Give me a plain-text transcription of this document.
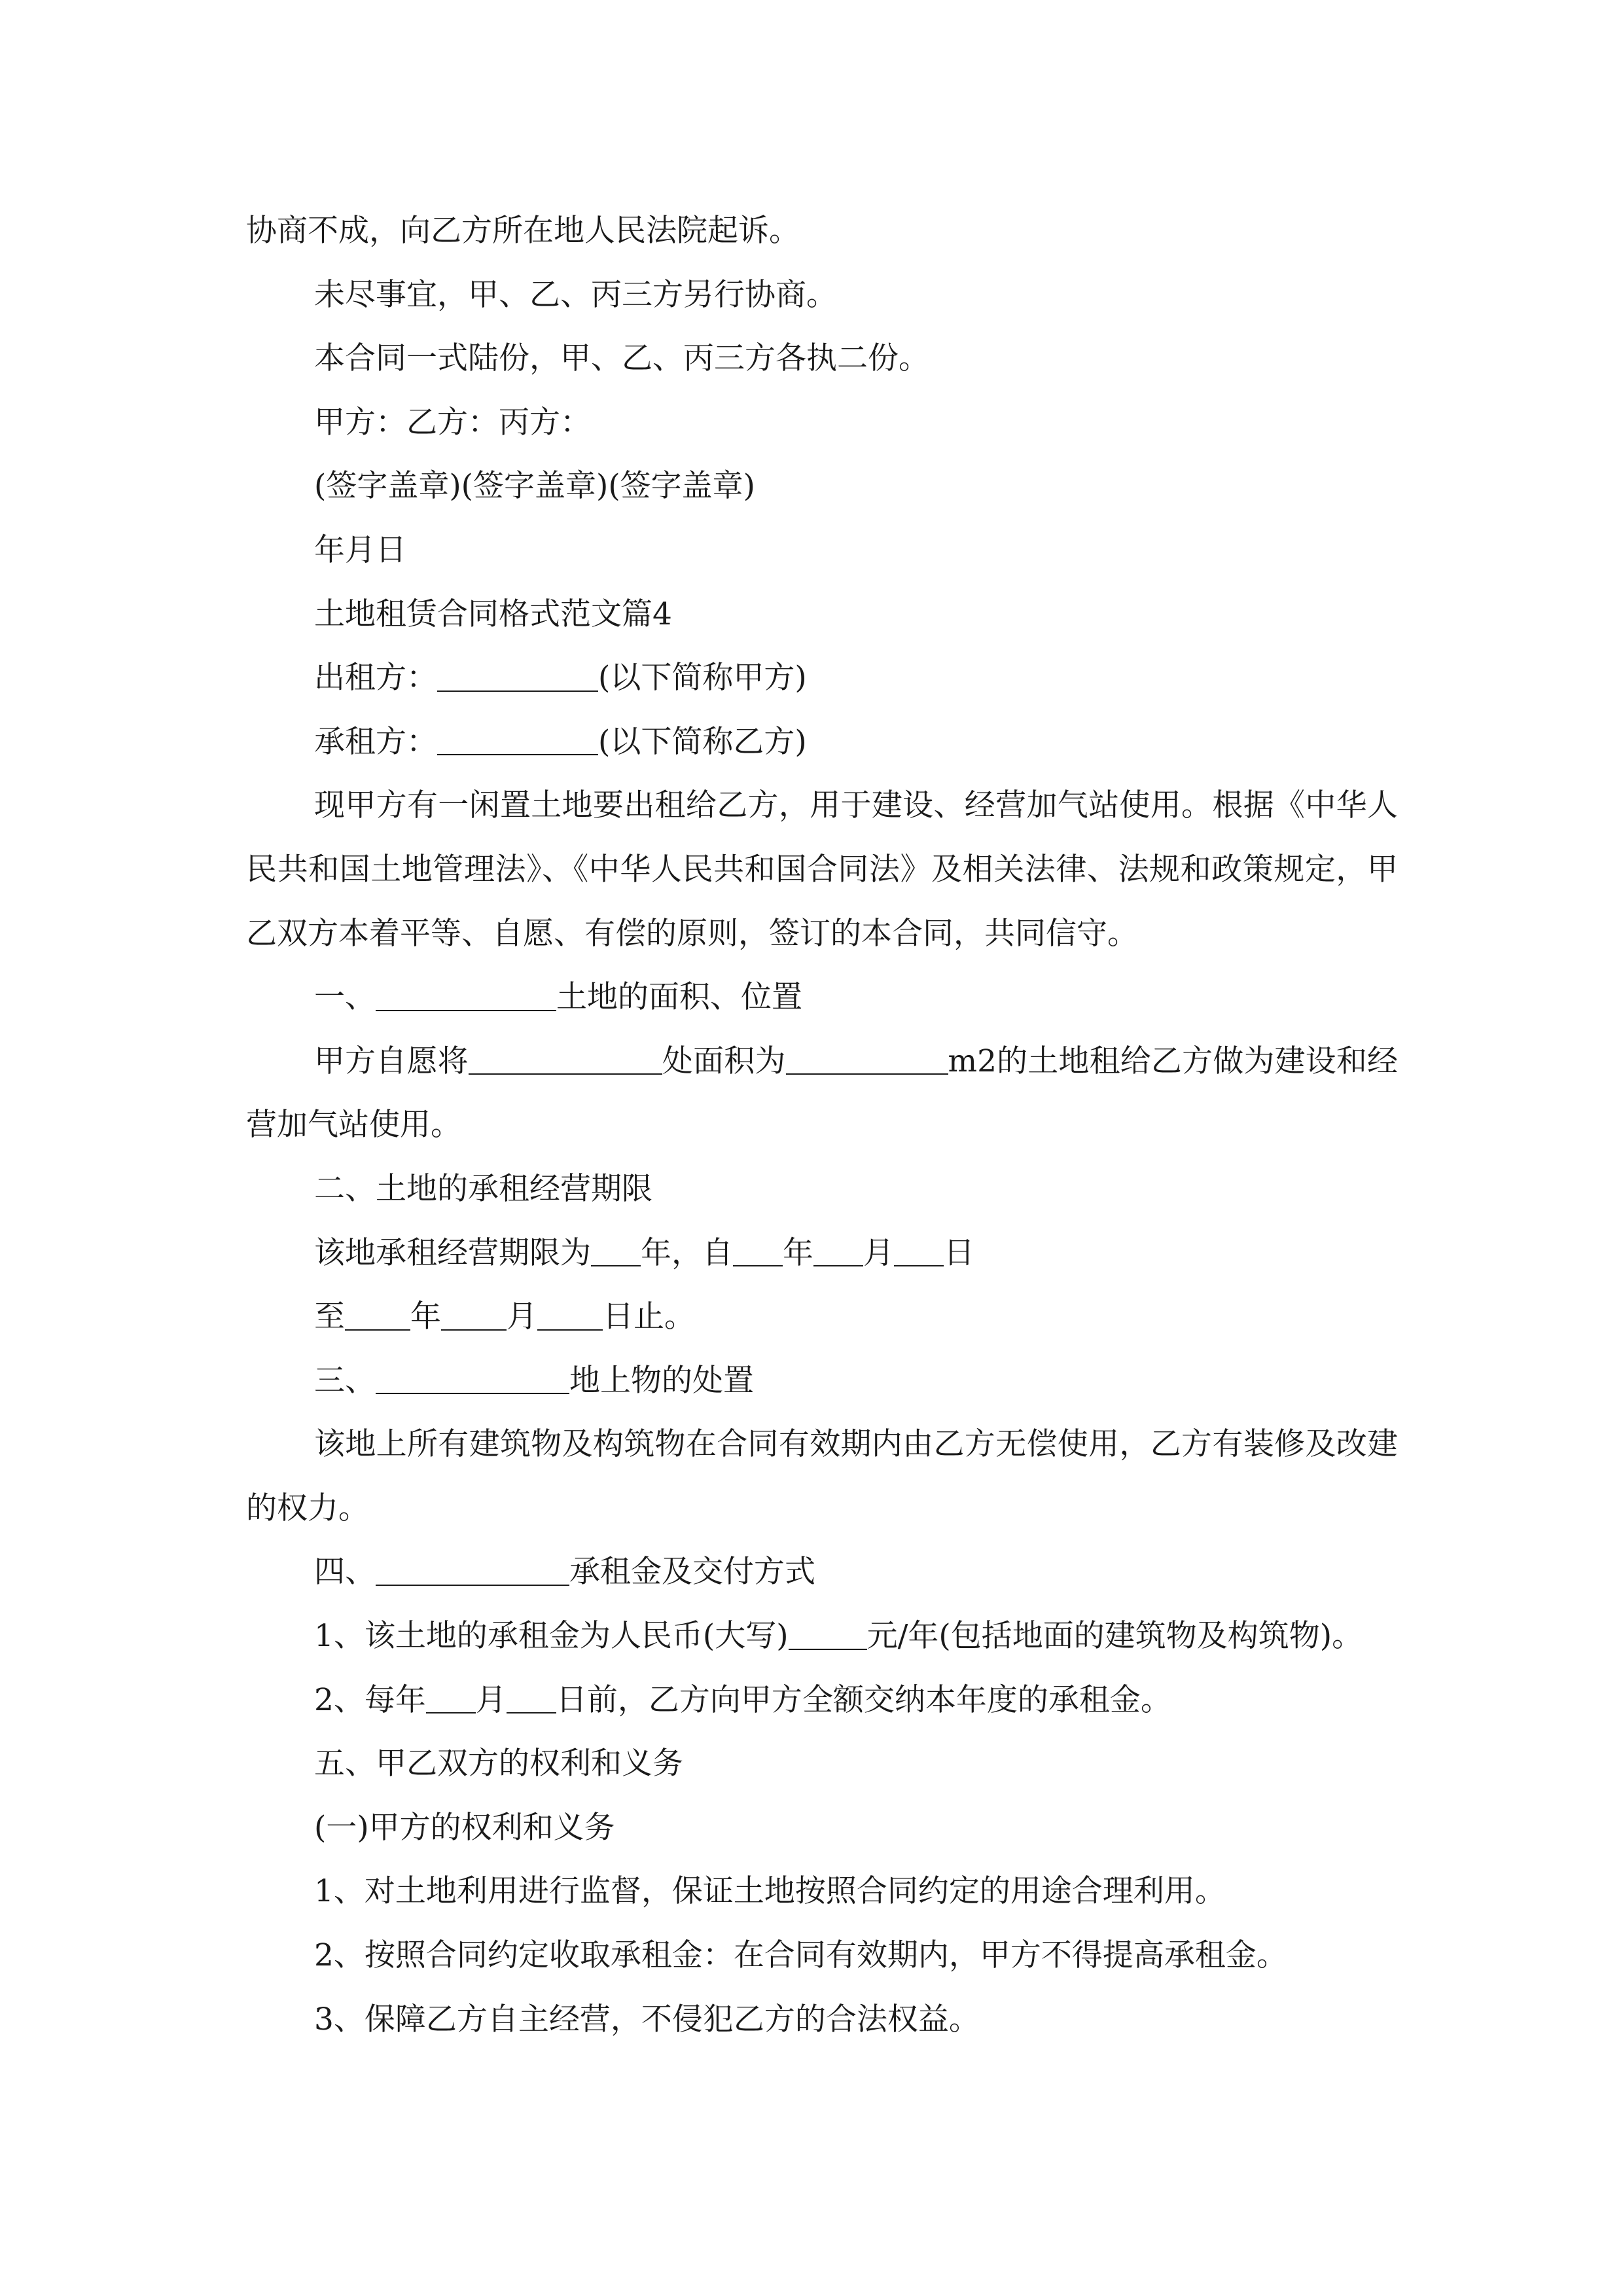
协商不成，向乙方所在地人民法院起诉。

未尽事宜，甲、乙、丙三方另行协商。

本合同一式陆份，甲、乙、丙三方各执二份。

甲方：乙方：丙方：

(签字盖章)(签字盖章)(签字盖章)

年月日

土地租赁合同格式范文篇4

出租方：	(以下简称甲方)

承租方：	(以下简称乙方)

现甲方有一闲置土地要出租给乙方，用于建设、经营加气站使用。根据《中华人民共和国土地管理法》、《中华人民共和国合同法》及相关法律、法规和政策规定，甲乙双方本着平等、自愿、有偿的原则，签订的本合同，共同信守。

一、	土地的面积、位置

甲方自愿将	处面积为	m2的土地租给乙方做为建设和经营加气站使用。

二、土地的承租经营期限

该地承租经营期限为 年，自 年 月 日

至 年 月 日止。

三、	地上物的处置

该地上所有建筑物及构筑物在合同有效期内由乙方无偿使用，乙方有装修及改建的权力。

四、	承租金及交付方式

1、该土地的承租金为人民币(大写)	元/年(包括地面的建筑物及构筑物)。

2、每年 月 日前，乙方向甲方全额交纳本年度的承租金。

五、甲乙双方的权利和义务

(一)甲方的权利和义务

1、对土地利用进行监督，保证土地按照合同约定的用途合理利用。

2、按照合同约定收取承租金：在合同有效期内，甲方不得提高承租金。

3、保障乙方自主经营，不侵犯乙方的合法权益。
